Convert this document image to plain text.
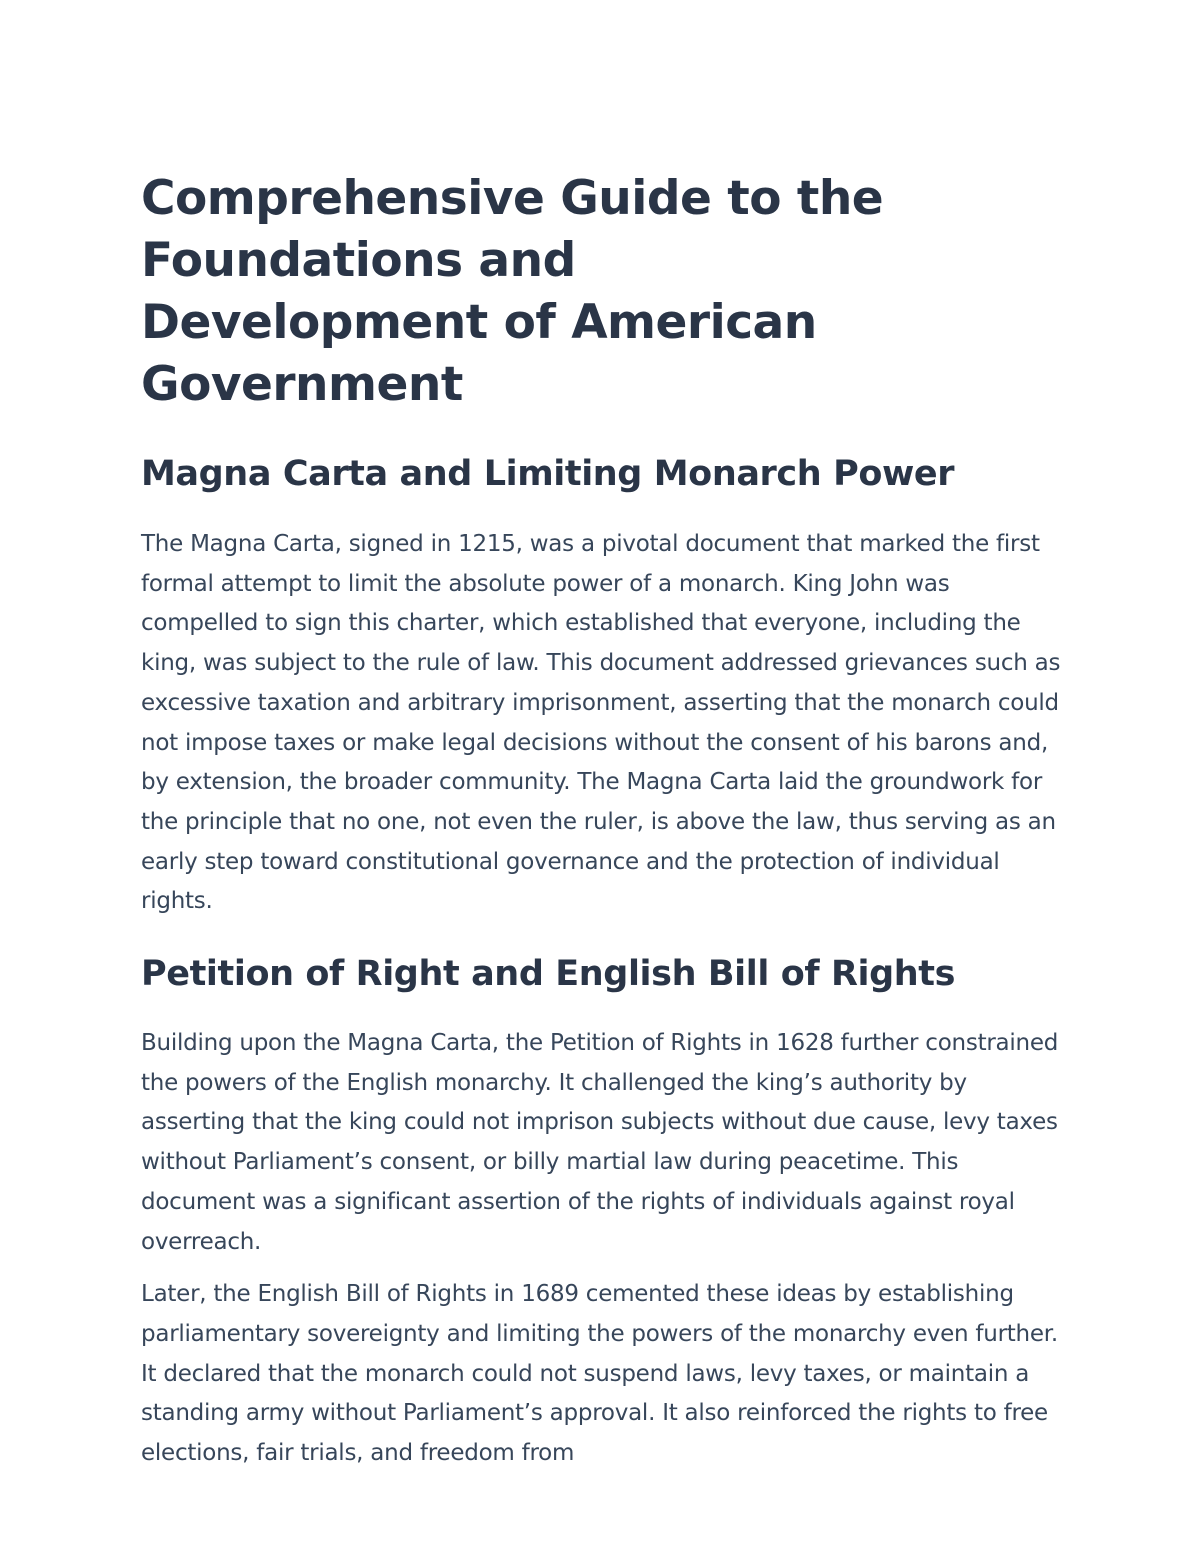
Comprehensive Guide to the Foundations and Development of American Government
Magna Carta and Limiting Monarch Power

The Magna Carta, signed in 1215, was a pivotal document that marked the first formal attempt to limit the absolute power of a monarch. King John was compelled to sign this charter, which established that everyone, including the king, was subject to the rule of law. This document addressed grievances such as excessive taxation and arbitrary imprisonment, asserting that the monarch could not impose taxes or make legal decisions without the consent of his barons and, by extension, the broader community. The Magna Carta laid the groundwork for the principle that no one, not even the ruler, is above the law, thus serving as an early step toward constitutional governance and the protection of individual rights.

Petition of Right and English Bill of Rights

Building upon the Magna Carta, the Petition of Rights in 1628 further constrained the powers of the English monarchy. It challenged the king’s authority by asserting that the king could not imprison subjects without due cause, levy taxes without Parliament’s consent, or billy martial law during peacetime. This document was a significant assertion of the rights of individuals against royal overreach.

Later, the English Bill of Rights in 1689 cemented these ideas by establishing parliamentary sovereignty and limiting the powers of the monarchy even further. It declared that the monarch could not suspend laws, levy taxes, or maintain a standing army without Parliament’s approval. It also reinforced the rights to free elections, fair trials, and freedom from
